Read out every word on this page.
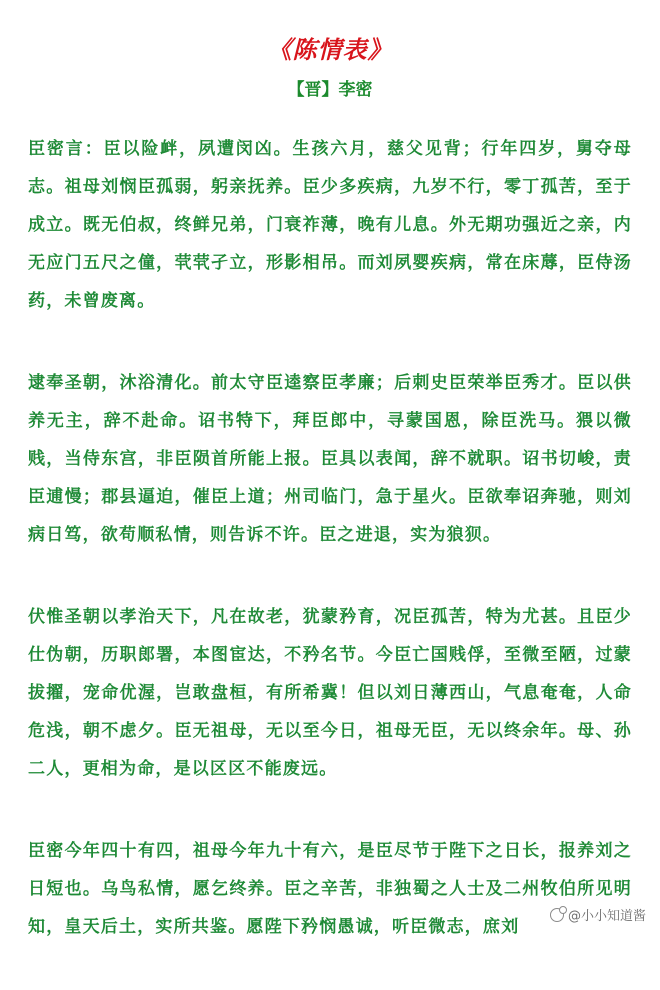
《陈情表》
【晋】李密

臣密言：臣以险衅，夙遭闵凶。生孩六月，慈父见背；行年四岁，舅夺母志。祖母刘悯臣孤弱，躬亲抚养。臣少多疾病，九岁不行，零丁孤苦，至于成立。既无伯叔，终鲜兄弟，门衰祚薄，晚有儿息。外无期功强近之亲，内无应门五尺之僮，茕茕孑立，形影相吊。而刘夙婴疾病，常在床蓐，臣侍汤药，未曾废离。

逮奉圣朝，沐浴清化。前太守臣逵察臣孝廉；后刺史臣荣举臣秀才。臣以供养无主，辞不赴命。诏书特下，拜臣郎中，寻蒙国恩，除臣洗马。猥以微贱，当侍东宫，非臣陨首所能上报。臣具以表闻，辞不就职。诏书切峻，责臣逋慢；郡县逼迫，催臣上道；州司临门，急于星火。臣欲奉诏奔驰，则刘病日笃，欲苟顺私情，则告诉不许。臣之进退，实为狼狈。

伏惟圣朝以孝治天下，凡在故老，犹蒙矜育，况臣孤苦，特为尤甚。且臣少仕伪朝，历职郎署，本图宦达，不矜名节。今臣亡国贱俘，至微至陋，过蒙拔擢，宠命优渥，岂敢盘桓，有所希冀！但以刘日薄西山，气息奄奄，人命危浅，朝不虑夕。臣无祖母，无以至今日，祖母无臣，无以终余年。母、孙二人，更相为命，是以区区不能废远。

臣密今年四十有四，祖母今年九十有六，是臣尽节于陛下之日长，报养刘之日短也。乌鸟私情，愿乞终养。臣之辛苦，非独蜀之人士及二州牧伯所见明知，皇天后土，实所共鉴。愿陛下矜悯愚诚，听臣微志，庶刘

@小小知道酱
